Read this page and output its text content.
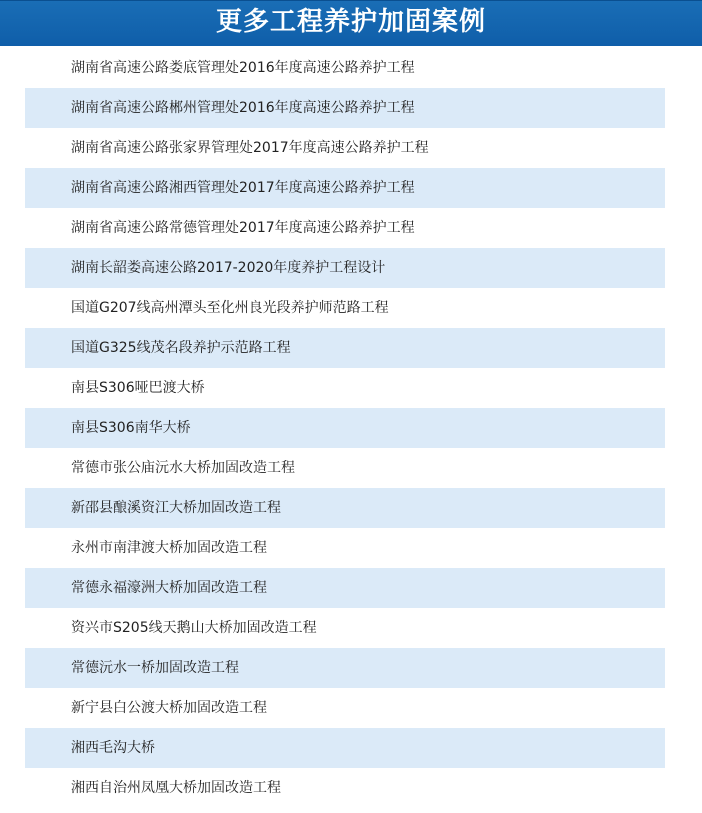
更多工程养护加固案例
湖南省高速公路娄底管理处2016年度高速公路养护工程
湖南省高速公路郴州管理处2016年度高速公路养护工程
湖南省高速公路张家界管理处2017年度高速公路养护工程
湖南省高速公路湘西管理处2017年度高速公路养护工程
湖南省高速公路常德管理处2017年度高速公路养护工程
湖南长韶娄高速公路2017-2020年度养护工程设计
国道G207线高州潭头至化州良光段养护师范路工程
国道G325线茂名段养护示范路工程
南县S306哑巴渡大桥
南县S306南华大桥
常德市张公庙沅水大桥加固改造工程
新邵县酿溪资江大桥加固改造工程
永州市南津渡大桥加固改造工程
常德永福濠洲大桥加固改造工程
资兴市S205线天鹅山大桥加固改造工程
常德沅水一桥加固改造工程
新宁县白公渡大桥加固改造工程
湘西毛沟大桥
湘西自治州凤凰大桥加固改造工程
